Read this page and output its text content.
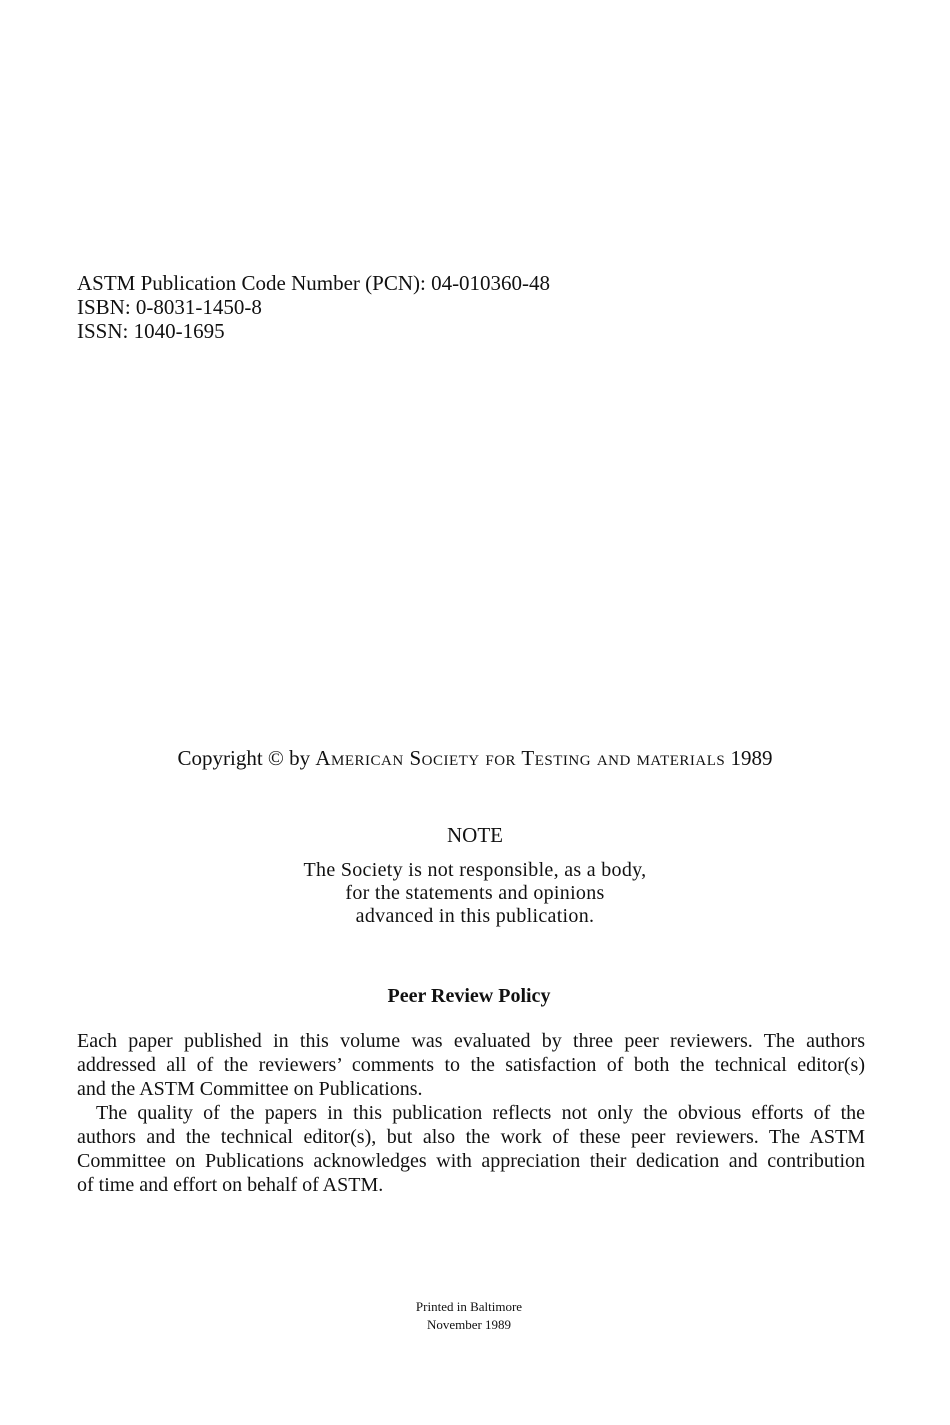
ASTM Publication Code Number (PCN): 04-010360-48
ISBN: 0-8031-1450-8
ISSN: 1040-1695
Copyright © by American Society for Testing and materials 1989
NOTE
The Society is not responsible, as a body,
for the statements and opinions
advanced in this publication.
Peer Review Policy
Each paper published in this volume was evaluated by three peer reviewers. The authors
addressed all of the reviewers’ comments to the satisfaction of both the technical editor(s)
and the ASTM Committee on Publications.
The quality of the papers in this publication reflects not only the obvious efforts of the
authors and the technical editor(s), but also the work of these peer reviewers. The ASTM
Committee on Publications acknowledges with appreciation their dedication and contribution
of time and effort on behalf of ASTM.
Printed in Baltimore
November 1989
